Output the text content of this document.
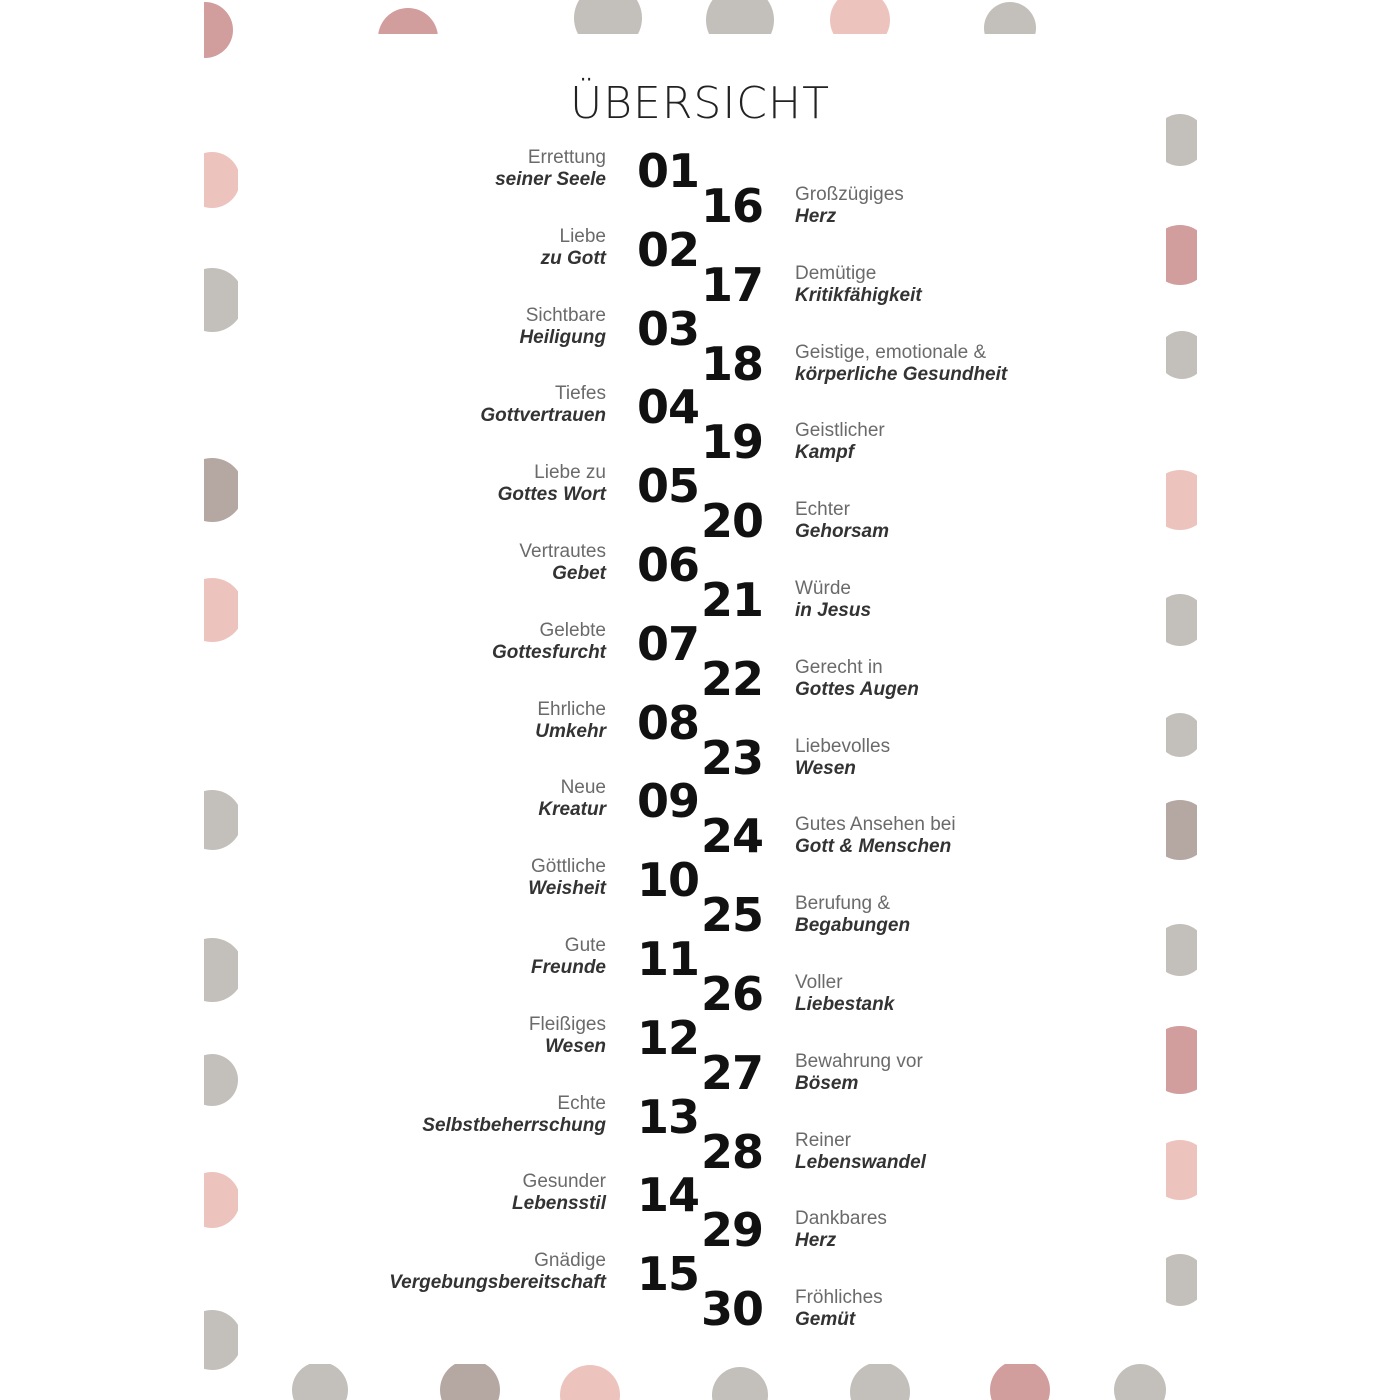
ÜBERSICHT
Errettung
seiner Seele 01
Liebe
zu Gott 02
Sichtbare
Heiligung 03
Tiefes
Gottvertrauen 04
Liebe zu
Gottes Wort 05
Vertrautes
Gebet 06
Gelebte
Gottesfurcht 07
Ehrliche
Umkehr 08
Neue
Kreatur 09
Göttliche
Weisheit 10
Gute
Freunde 11
Fleißiges
Wesen 12
Echte
Selbstbeherrschung 13
Gesunder
Lebensstil 14
Gnädige
Vergebungsbereitschaft 15
Großzügiges
Herz
16
Demütige
Kritikfähigkeit
17
Geistige, emotionale &
körperliche Gesundheit
18
Geistlicher
Kampf
19
Echter
Gehorsam
20
Würde
in Jesus
21
Gerecht in
Gottes Augen
22
Liebevolles
Wesen
23
Gutes Ansehen bei
Gott & Menschen
24
Berufung &
Begabungen
25
Voller
Liebestank
26
Bewahrung vor
Bösem
27
Reiner
Lebenswandel
28
Dankbares
Herz
29
Fröhliches
Gemüt
30
